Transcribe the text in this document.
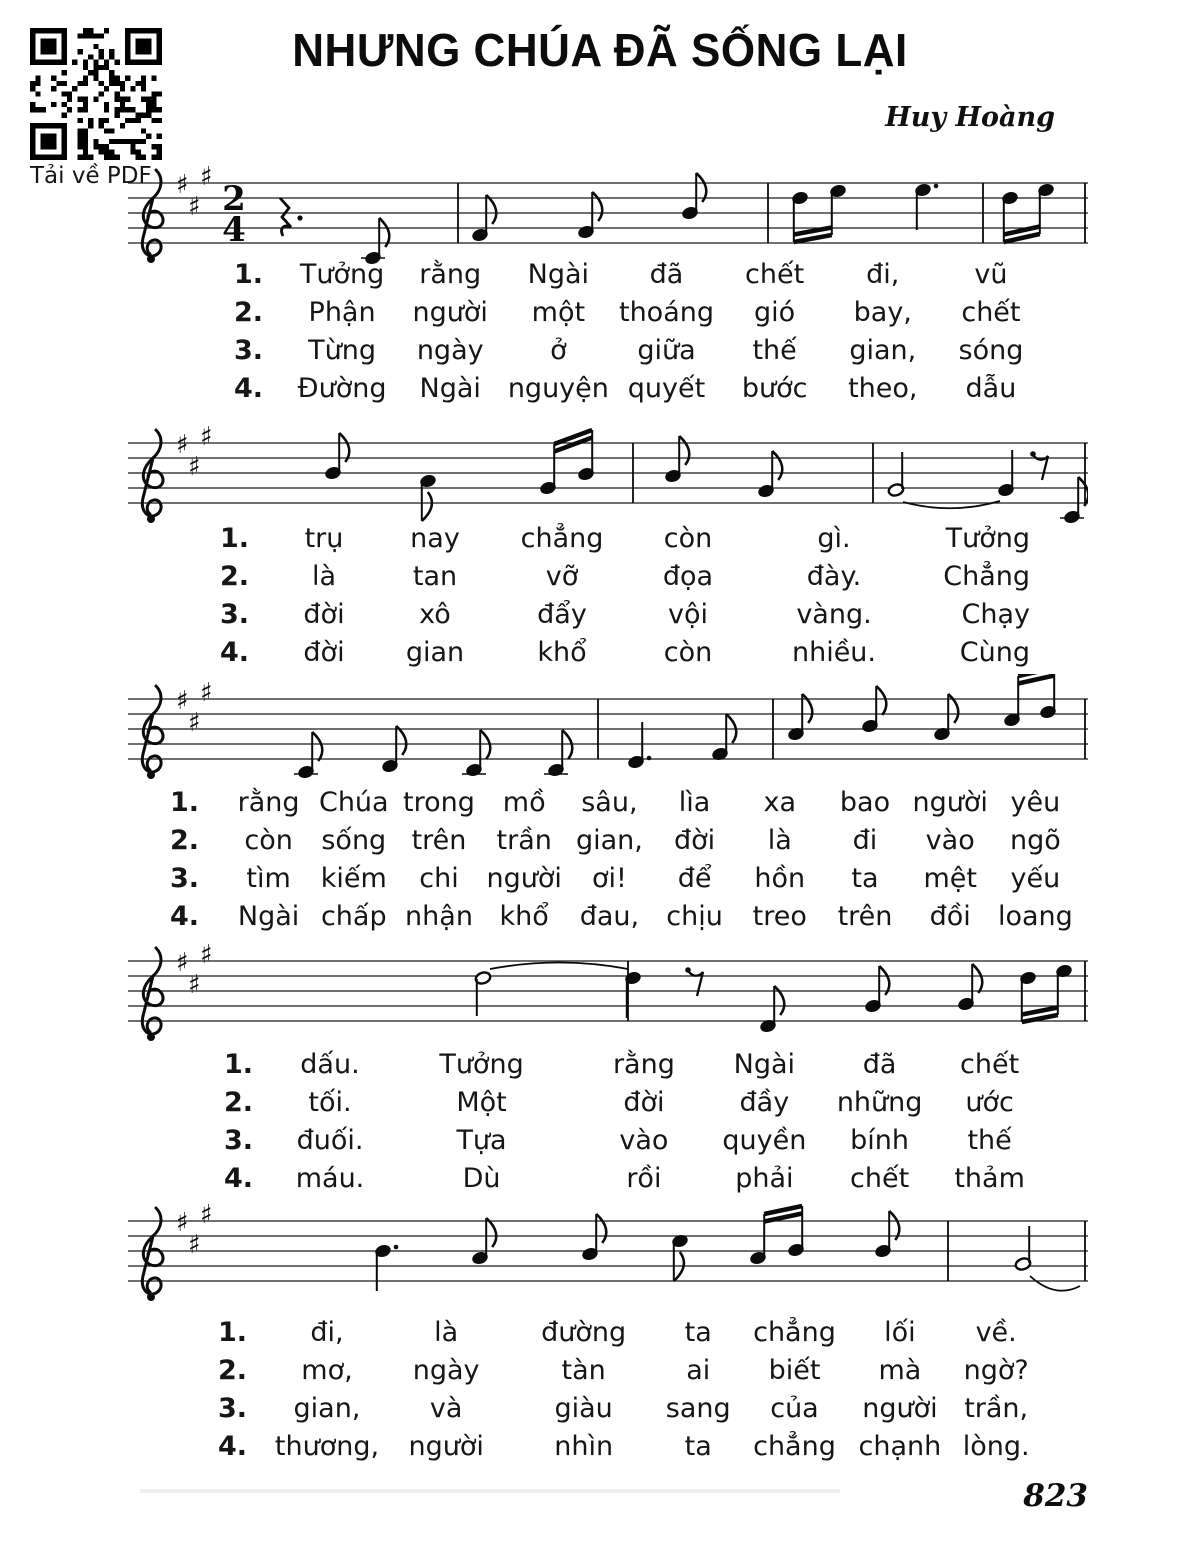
Tải về PDF
NHƯNG CHÚA ĐÃ SỐNG LẠI
Huy Hoàng
823
♯
♯
♯
2
4
♯
♯
♯
♯
♯
♯
♯
♯
♯
♯
♯
♯
1.	Tưởng	rằng	Ngài	đã	chết	đi,	vũ
2.	Phận	người	một	thoáng	gió	bay,	chết
3.	Từng	ngày	ở	giữa	thế	gian,	sóng
4.	Đường	Ngài nguyện quyết	bước	theo,	dẫu
1.	trụ	nay	chẳng	còn	gì.	Tưởng
2.	là	tan	vỡ	đọa	đày.	Chẳng
3.	đời	xô	đẩy	vội	vàng.	Chạy
4.	đời	gian	khổ	còn	nhiều.	Cùng
1.	rằng Chúa trong	mồ	sâu,	lìa	xa	bao người yêu
2.	còn	sống trên	trần gian,	đời	là	đi	vào	ngõ
3.	tìm	kiếm	chi	người	ơi!	để	hồn	ta	mệt	yếu
4.	Ngài chấp nhận khổ	đau,	chịu	treo	trên	đồi	loang
1.	dấu.	Tưởng	rằng	Ngài	đã	chết
2.	tối.	Một	đời	đầy	những	ước
3.	đuối.	Tựa	vào	quyền	bính	thế
4.	máu.	Dù	rồi	phải	chết	thảm
1.	đi,	là	đường	ta	chẳng	lối	về.
2.	mơ,	ngày	tàn	ai	biết	mà	ngờ?
3.	gian,	và	giàu	sang	của	người trần,
4.	thương,	người	nhìn	ta	chẳng chạnh lòng.
